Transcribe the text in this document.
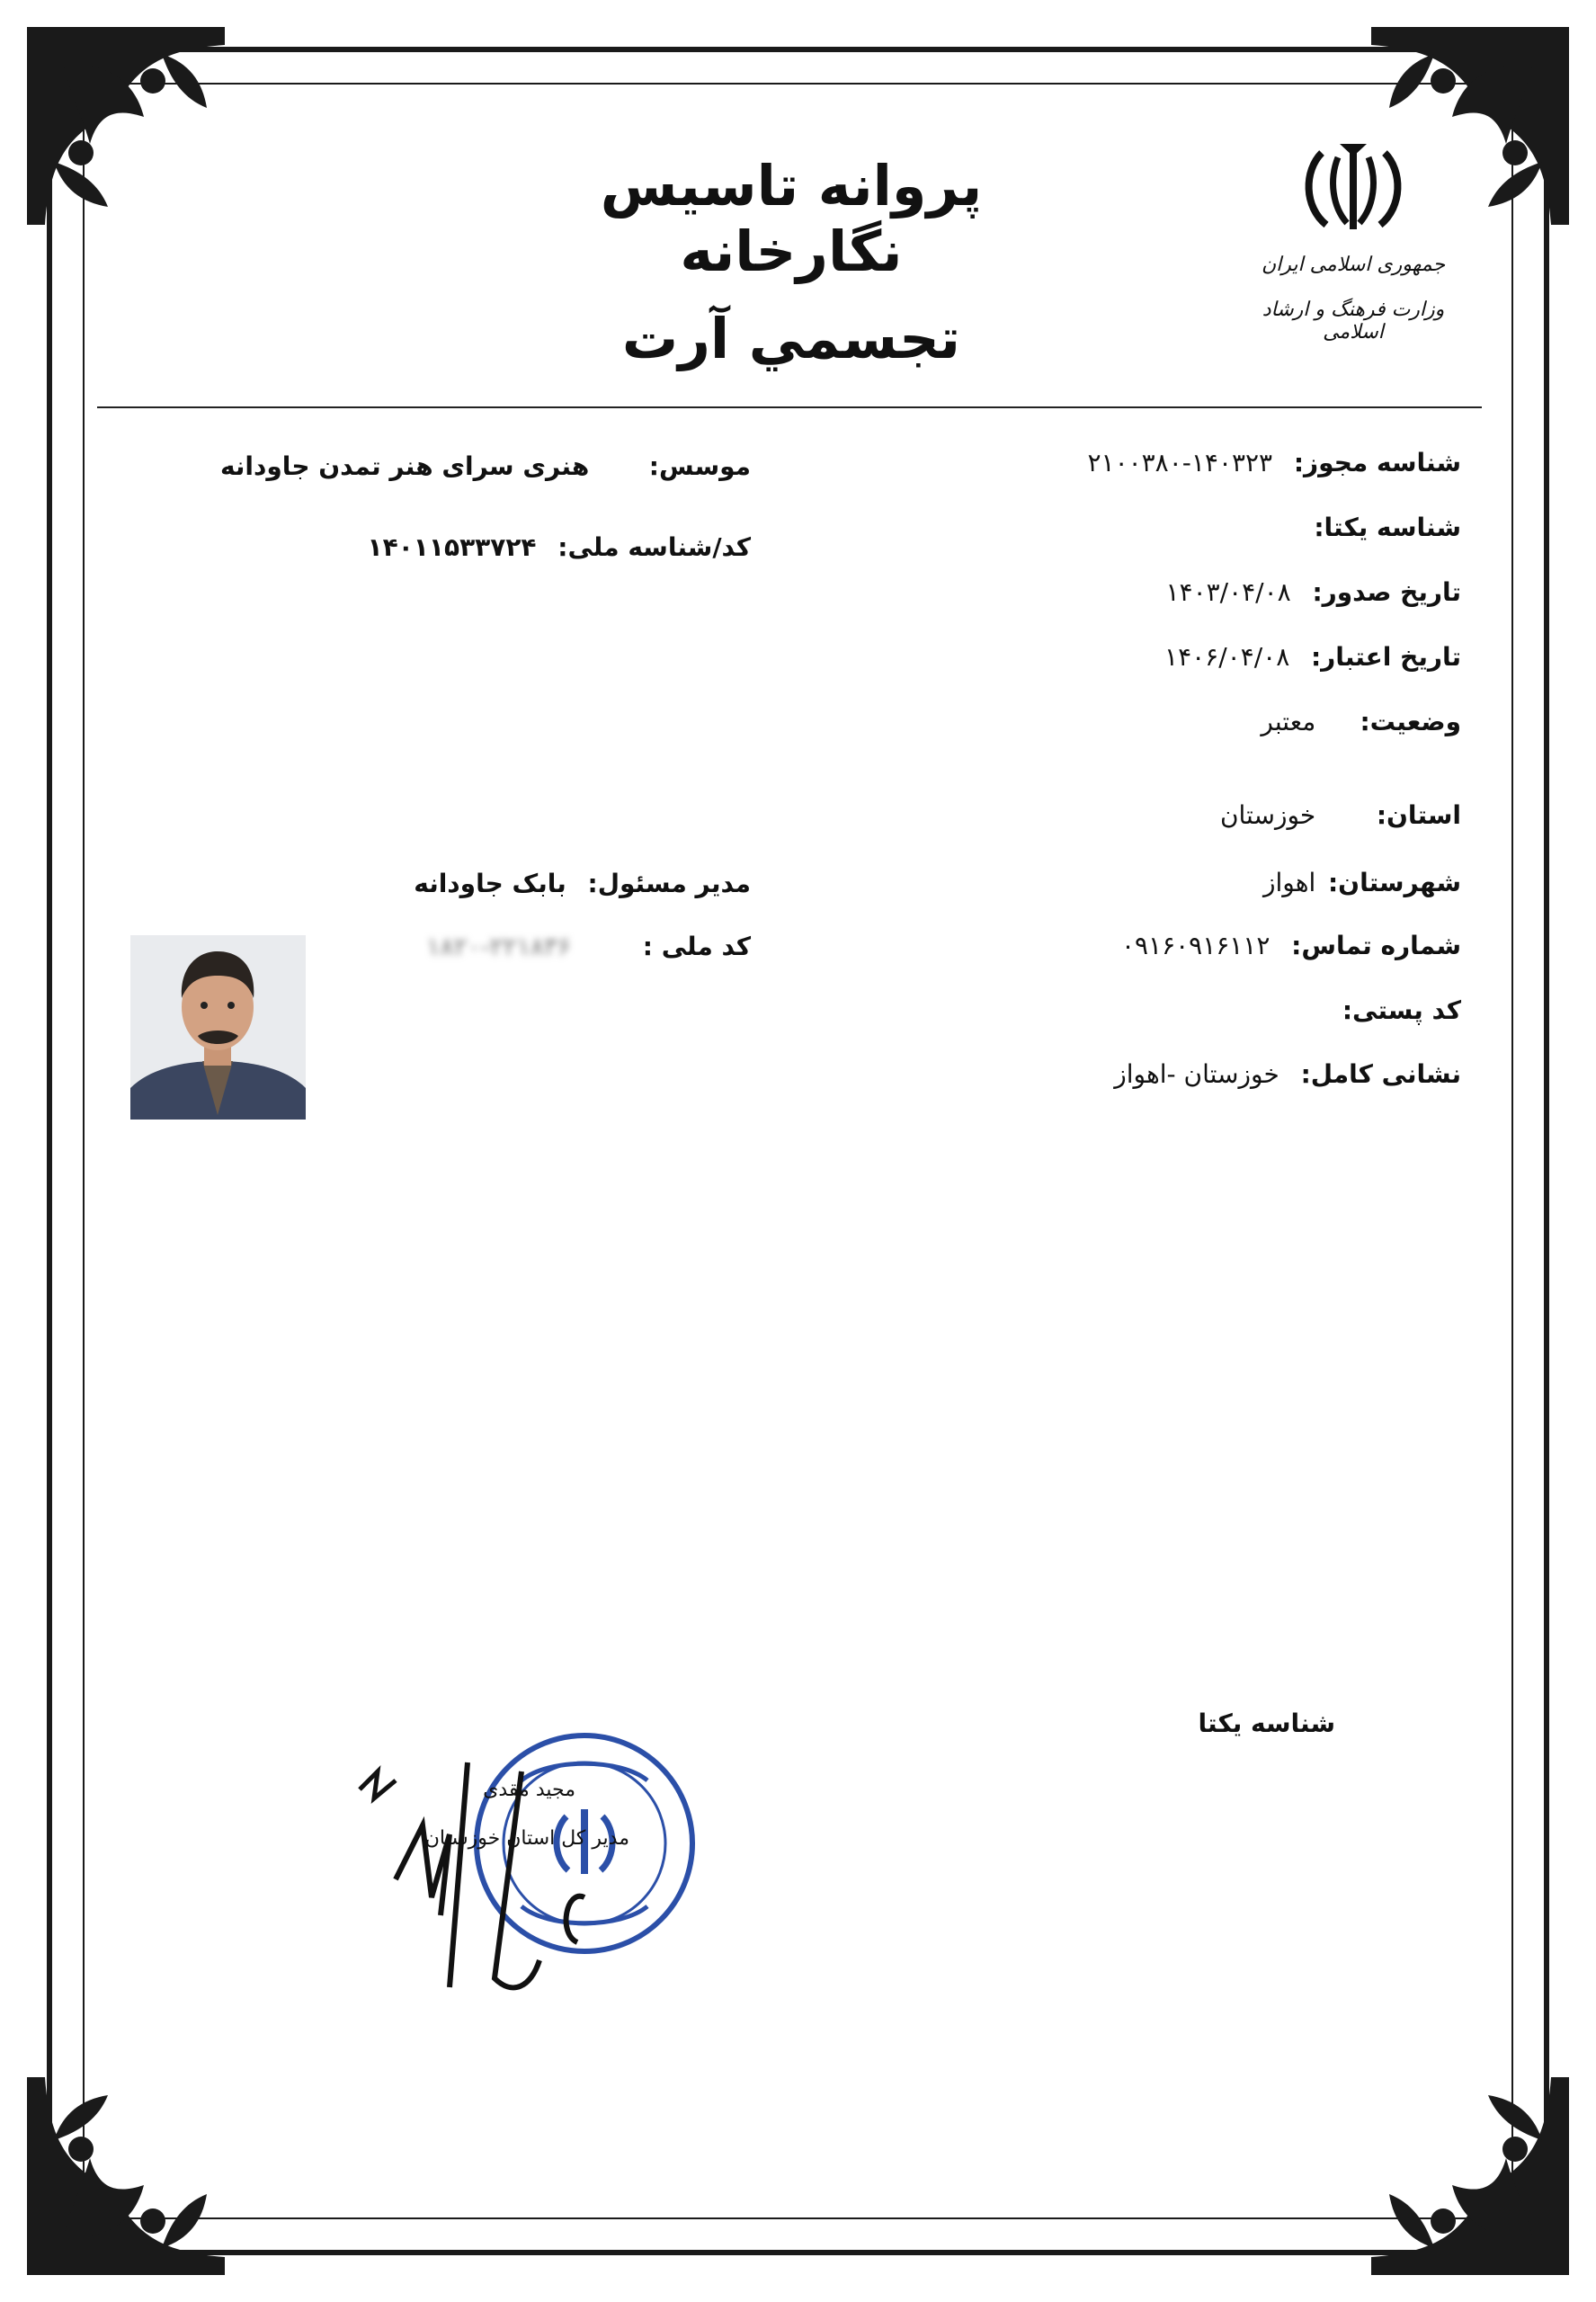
جمهوری اسلامی ایران
وزارت فرهنگ و ارشاد اسلامی
پروانه تاسیس نگارخانه
تجسمي آرت
شناسه مجوز: ۲۱۰۰۳۸۰-۱۴۰۳۲۳
شناسه یکتا:
تاریخ صدور: ۱۴۰۳/۰۴/۰۸
تاریخ اعتبار: ۱۴۰۶/۰۴/۰۸
وضعیت: معتبر
استان: خوزستان
شهرستان: اهواز
شماره تماس: ۰۹۱۶۰۹۱۶۱۱۲
کد پستی:
نشانی کامل: خوزستان -اهواز
موسس: هنری سرای هنر تمدن جاودانه
کد/شناسه ملی: ۱۴۰۱۱۵۳۳۷۲۴
مدیر مسئول: بابک جاودانه
کد ملی : ۱۸۲۰-۲۲۱۸۳۶
شناسه یکتا
مجید مقدی
مدیر کل استان خوزستان
